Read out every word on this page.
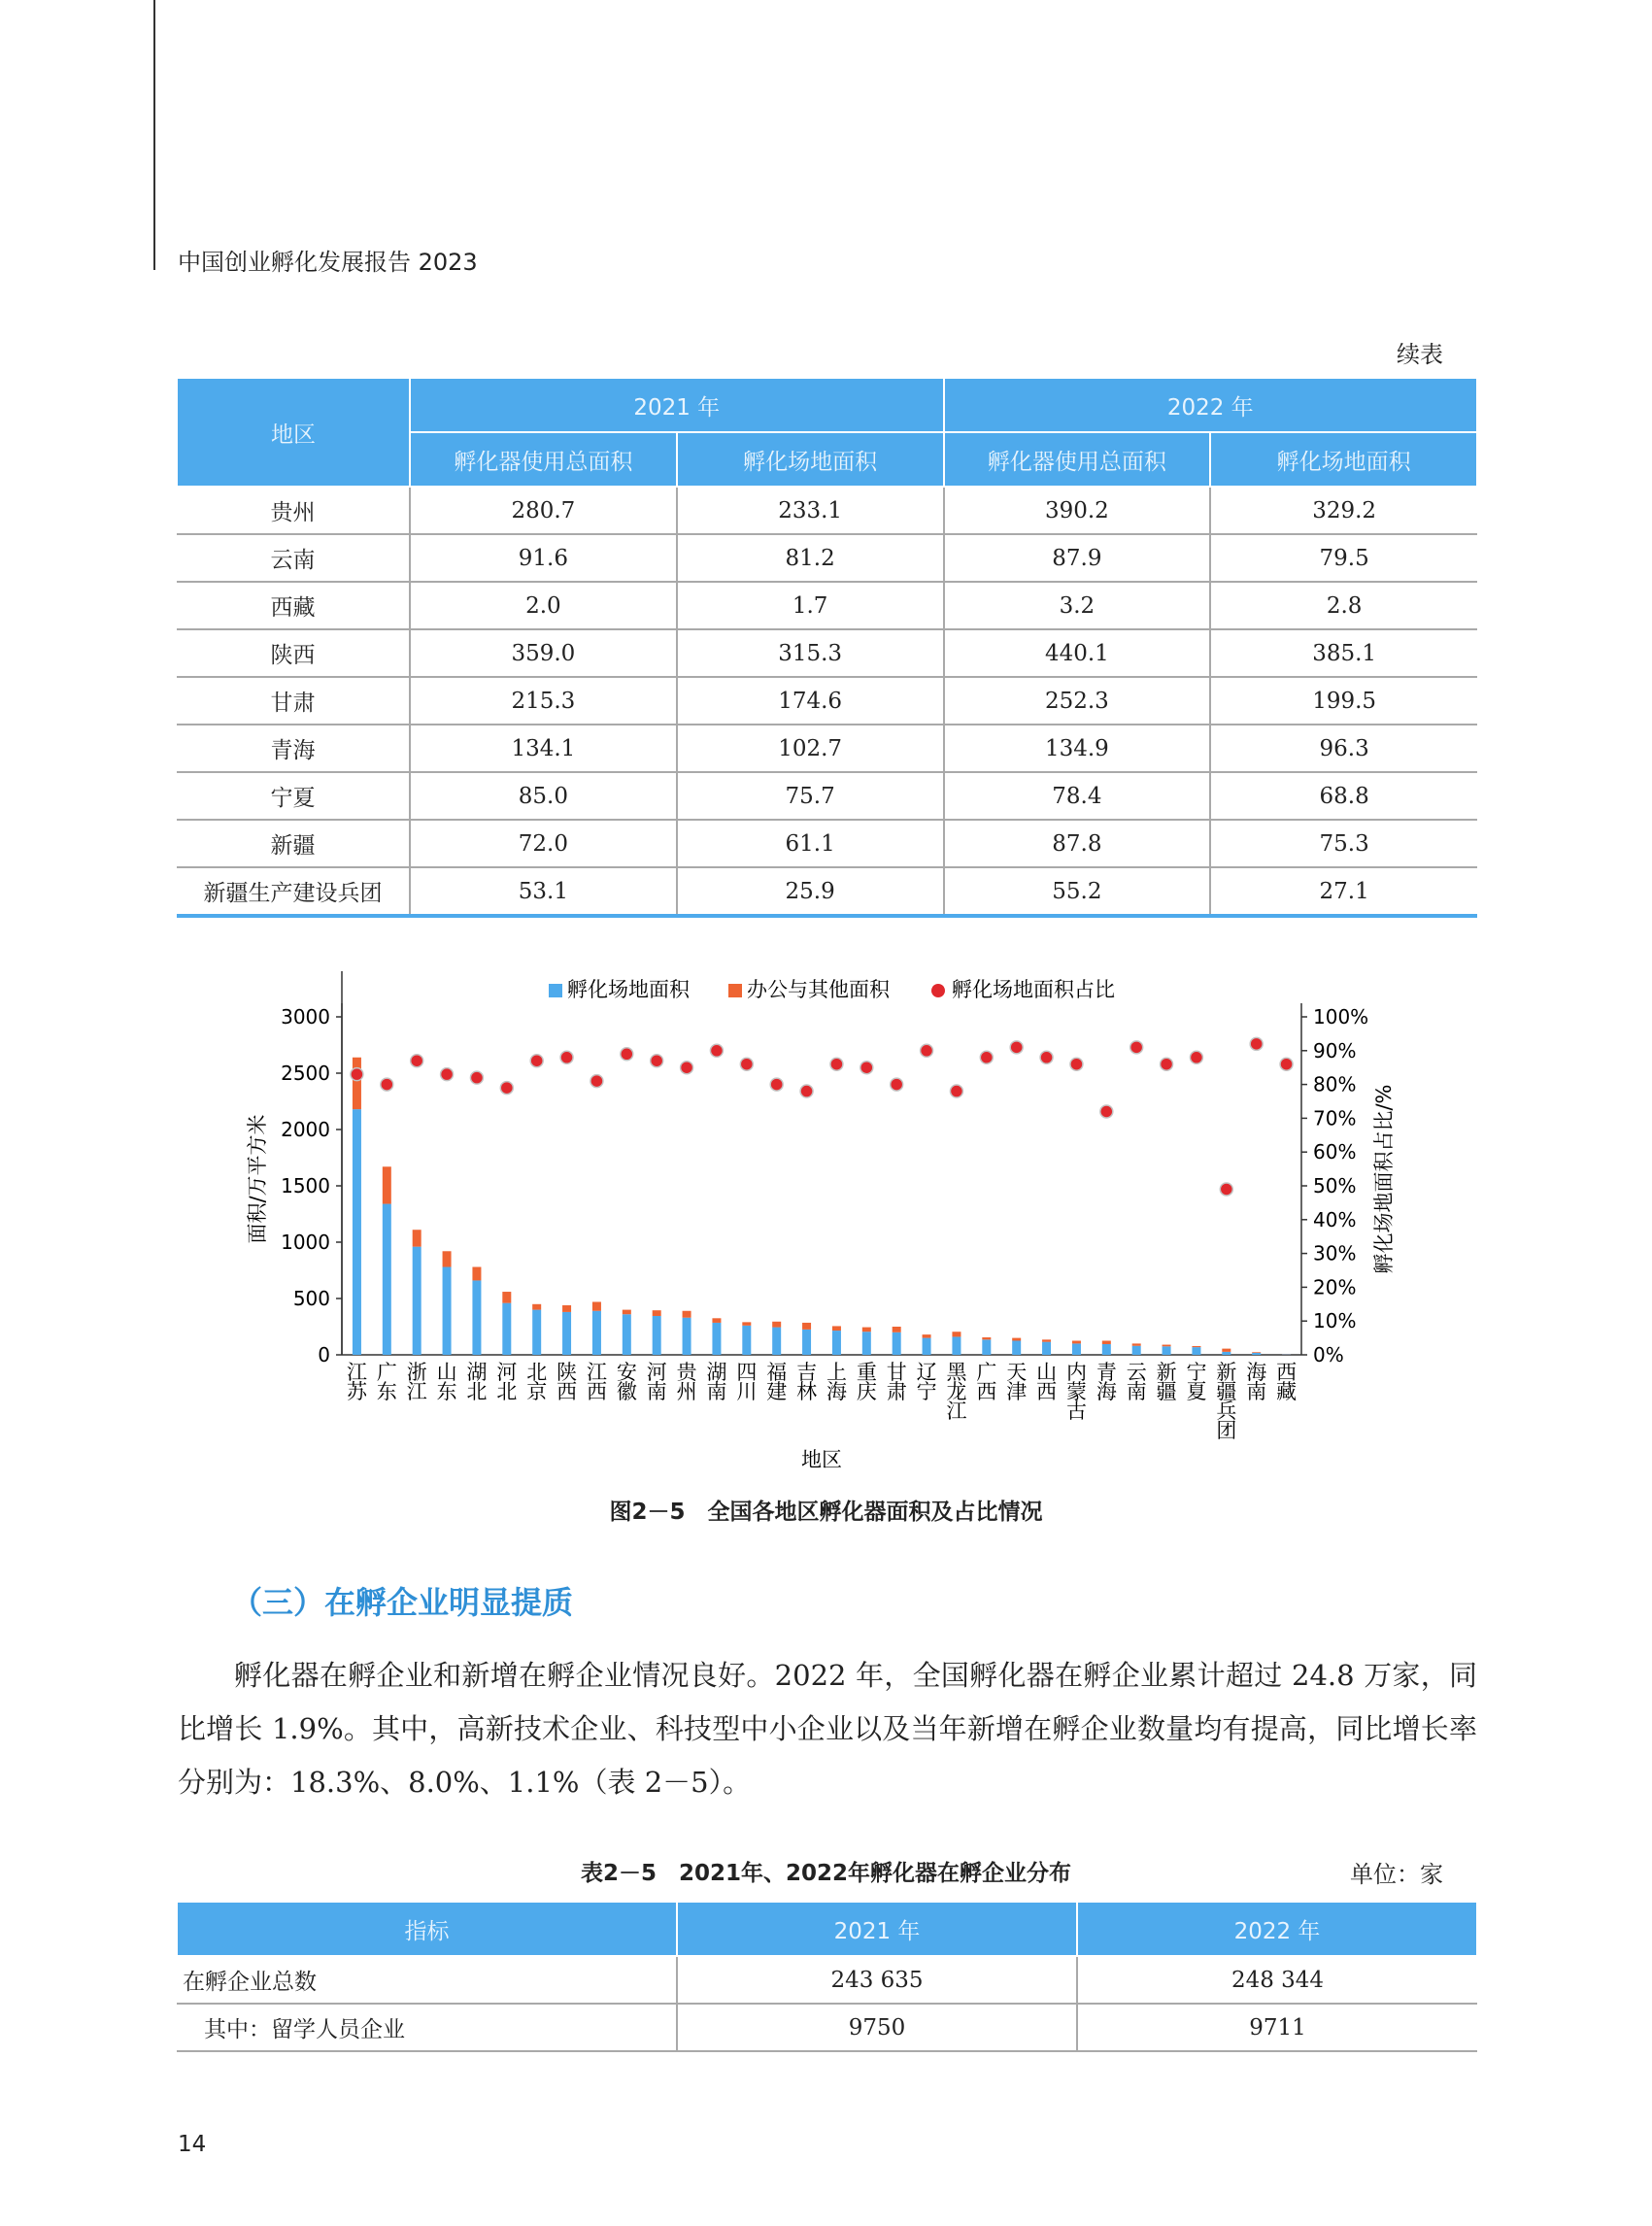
中国创业孵化发展报告 2023
续表
地区	2021 年		2022 年	
	孵化器使用总面积	孵化场地面积	孵化器使用总面积	孵化场地面积
贵州	280.7	233.1	390.2	329.2
云南	91.6	81.2	87.9	79.5
西藏	2.0	1.7	3.2	2.8
陕西	359.0	315.3	440.1	385.1
甘肃	215.3	174.6	252.3	199.5
青海	134.1	102.7	134.9	96.3
宁夏	85.0	75.7	78.4	68.8
新疆	72.0	61.1	87.8	75.3
新疆生产建设兵团	53.1	25.9	55.2	27.1
孵化场地面积	办公与其他面积	孵化场地面积占比
0
500
1000
1500
2000
2500
3000
0%
10%
20%
30%
40%
50%
60%
70%
80%
90%
100%
江苏
广东
浙江
山东
湖北
河北
北京
陕西
江西
安徽
河南
贵州
湖南
四川
福建
吉林
上海
重庆
甘肃
辽宁
黑龙江
广西
天津
山西
内蒙古
青海
云南
新疆
宁夏
新疆兵团
海南
西藏
面积/万平方米	孵化场地面积占比/%
地区
图2－5　全国各地区孵化器面积及占比情况
（三）在孵企业明显提质

孵化器在孵企业和新增在孵企业情况良好。2022 年，全国孵化器在孵企业累计超过 24.8 万家，同比增长 1.9%。其中，高新技术企业、科技型中小企业以及当年新增在孵企业数量均有提高，同比增长率分别为：18.3%、8.0%、1.1%（表 2－5）。

表2－5　2021年、2022年孵化器在孵企业分布	单位：家
指标	2021 年	2022 年
在孵企业总数	243 635	248 344
其中：留学人员企业	9750	9711
14
